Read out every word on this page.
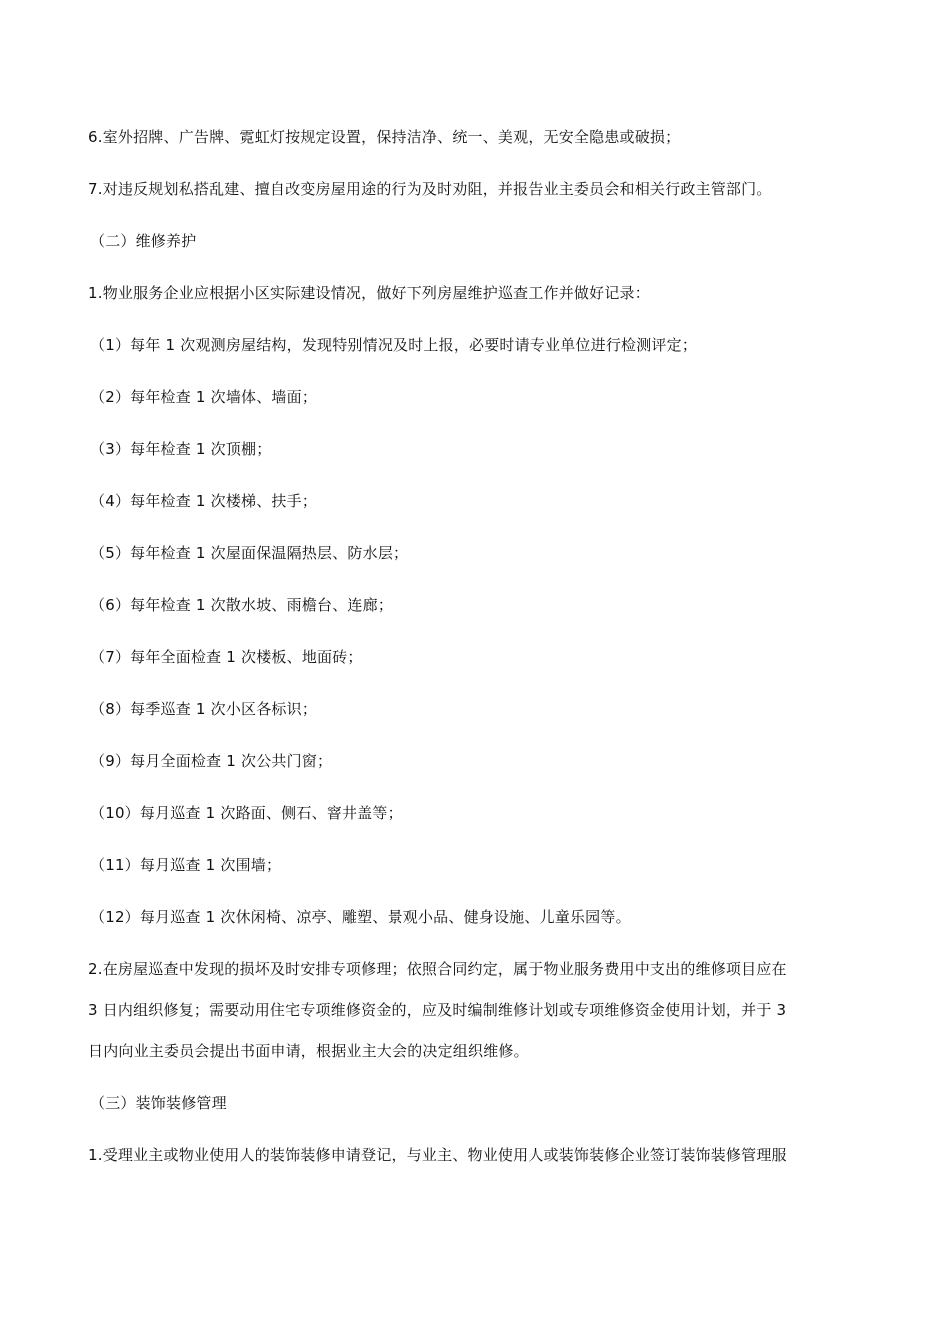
6.室外招牌、广告牌、霓虹灯按规定设置，保持洁净、统一、美观，无安全隐患或破损；
7.对违反规划私搭乱建、擅自改变房屋用途的行为及时劝阻，并报告业主委员会和相关行政主管部门。
（二）维修养护
1.物业服务企业应根据小区实际建设情况，做好下列房屋维护巡查工作并做好记录：
（1）每年 1 次观测房屋结构，发现特别情况及时上报，必要时请专业单位进行检测评定；
（2）每年检查 1 次墙体、墙面；
（3）每年检查 1 次顶棚；
（4）每年检查 1 次楼梯、扶手；
（5）每年检查 1 次屋面保温隔热层、防水层；
（6）每年检查 1 次散水坡、雨檐台、连廊；
（7）每年全面检查 1 次楼板、地面砖；
（8）每季巡查 1 次小区各标识；
（9）每月全面检查 1 次公共门窗；
（10）每月巡查 1 次路面、侧石、窨井盖等；
（11）每月巡查 1 次围墙；
（12）每月巡查 1 次休闲椅、凉亭、雕塑、景观小品、健身设施、儿童乐园等。
2.在房屋巡查中发现的损坏及时安排专项修理；依照合同约定，属于物业服务费用中支出的维修项目应在
3 日内组织修复；需要动用住宅专项维修资金的，应及时编制维修计划或专项维修资金使用计划，并于 3
日内向业主委员会提出书面申请，根据业主大会的决定组织维修。
（三）装饰装修管理
1.受理业主或物业使用人的装饰装修申请登记，与业主、物业使用人或装饰装修企业签订装饰装修管理服
